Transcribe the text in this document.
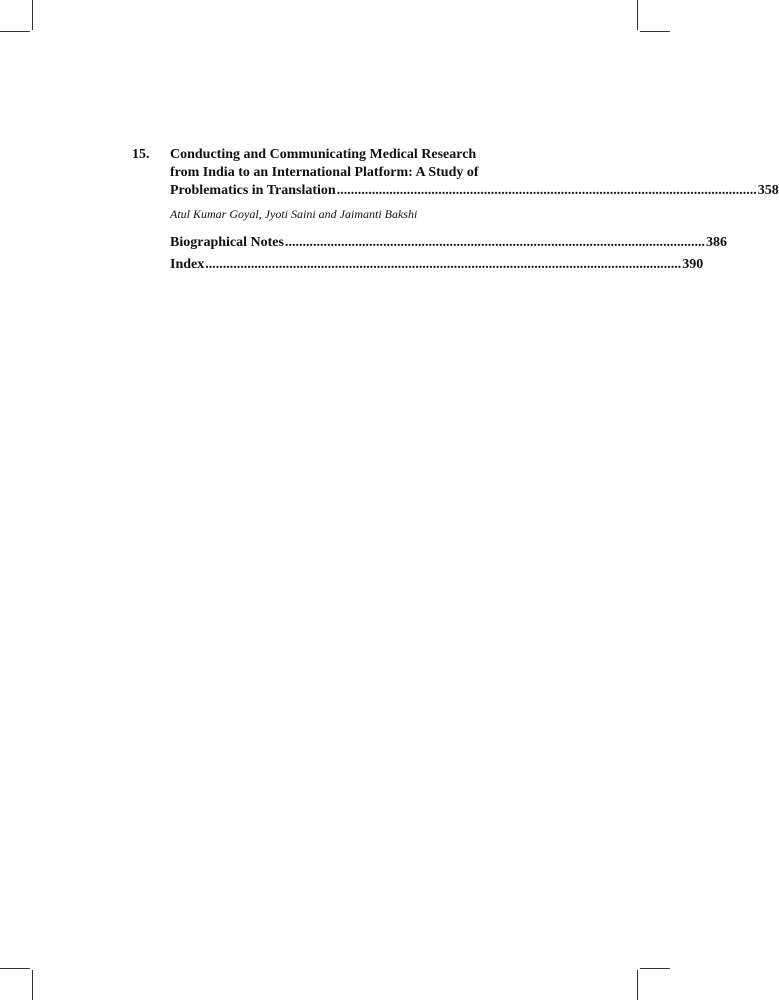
15. Conducting and Communicating Medical Research
from India to an International Platform: A Study of
Problematics in Translation ........................................................................................................................ 358
Atul Kumar Goyal, Jyoti Saini and Jaimanti Bakshi
Biographical Notes ........................................................................................................................ 386
Index ........................................................................................................................................ 390
